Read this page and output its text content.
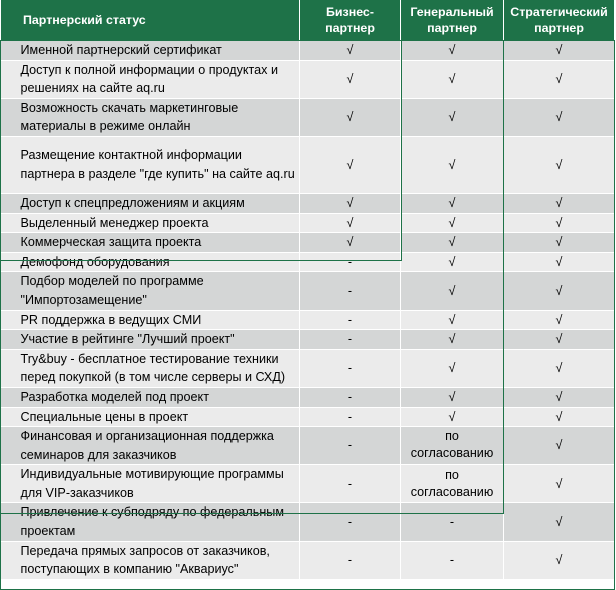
Партнерский статус	Бизнес-партнер	Генеральный партнер	Стратегический партнер
Именной партнерский сертификат	√	√	√
Доступ к полной информации о продуктах и решениях на сайте aq.ru	√	√	√
Возможность скачать маркетинговые материалы в режиме онлайн	√	√	√
Размещение контактной информации партнера в разделе "где купить" на сайте aq.ru	√	√	√
Доступ к спецпредложениям и акциям	√	√	√
Выделенный менеджер проекта	√	√	√
Коммерческая защита проекта	√	√	√
Демофонд оборудования	-	√	√
Подбор моделей по программе "Импортозамещение"	-	√	√
PR поддержка в ведущих СМИ	-	√	√
Участие в рейтинге "Лучший проект"	-	√	√
Try&buy - бесплатное тестирование техники перед покупкой (в том числе серверы и СХД)	-	√	√
Разработка моделей под проект	-	√	√
Специальные цены в проект	-	√	√
Финансовая и организационная поддержка семинаров для заказчиков	-	по согласованию	√
Индивидуальные мотивирующие программы для VIP-заказчиков	-	по согласованию	√
Привлечение к субподряду по федеральным проектам	-	-	√
Передача прямых запросов от заказчиков, поступающих в компанию "Аквариус"	-	-	√
